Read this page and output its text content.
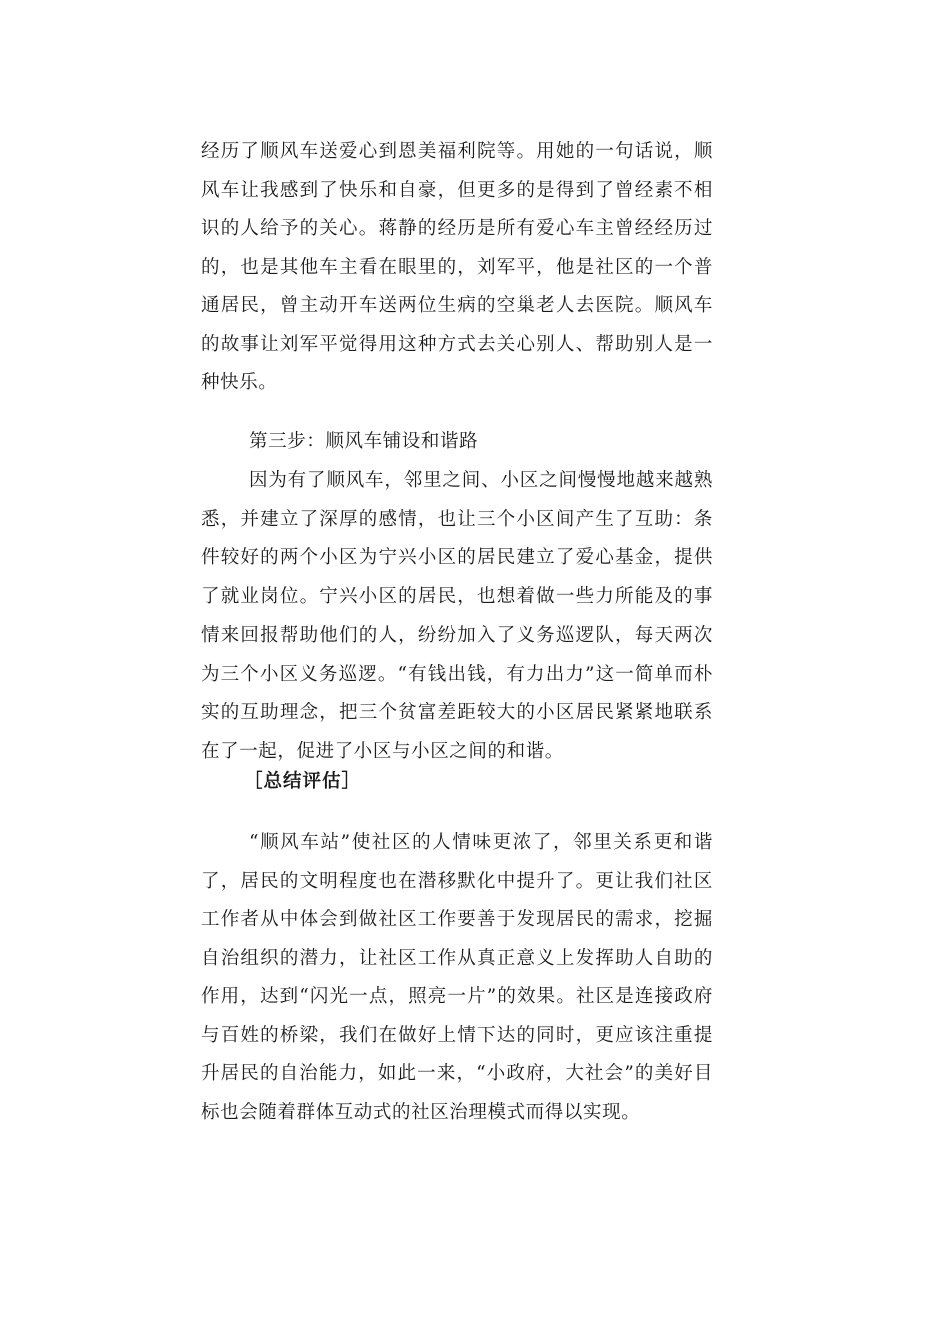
经历了顺风车送爱心到恩美福利院等。用她的一句话说，顺风车让我感到了快乐和自豪，但更多的是得到了曾经素不相识的人给予的关心。蒋静的经历是所有爱心车主曾经经历过的，也是其他车主看在眼里的，刘军平，他是社区的一个普通居民，曾主动开车送两位生病的空巢老人去医院。顺风车的故事让刘军平觉得用这种方式去关心别人、帮助别人是一种快乐。

第三步：顺风车铺设和谐路

因为有了顺风车，邻里之间、小区之间慢慢地越来越熟悉，并建立了深厚的感情，也让三个小区间产生了互助：条件较好的两个小区为宁兴小区的居民建立了爱心基金，提供了就业岗位。宁兴小区的居民，也想着做一些力所能及的事情来回报帮助他们的人，纷纷加入了义务巡逻队，每天两次为三个小区义务巡逻。“有钱出钱，有力出力”这一简单而朴实的互助理念，把三个贫富差距较大的小区居民紧紧地联系在了一起，促进了小区与小区之间的和谐。

［总结评估］

“顺风车站”使社区的人情味更浓了，邻里关系更和谐了，居民的文明程度也在潜移默化中提升了。更让我们社区工作者从中体会到做社区工作要善于发现居民的需求，挖掘自治组织的潜力，让社区工作从真正意义上发挥助人自助的作用，达到“闪光一点，照亮一片”的效果。社区是连接政府与百姓的桥梁，我们在做好上情下达的同时，更应该注重提升居民的自治能力，如此一来，“小政府，大社会”的美好目标也会随着群体互动式的社区治理模式而得以实现。
